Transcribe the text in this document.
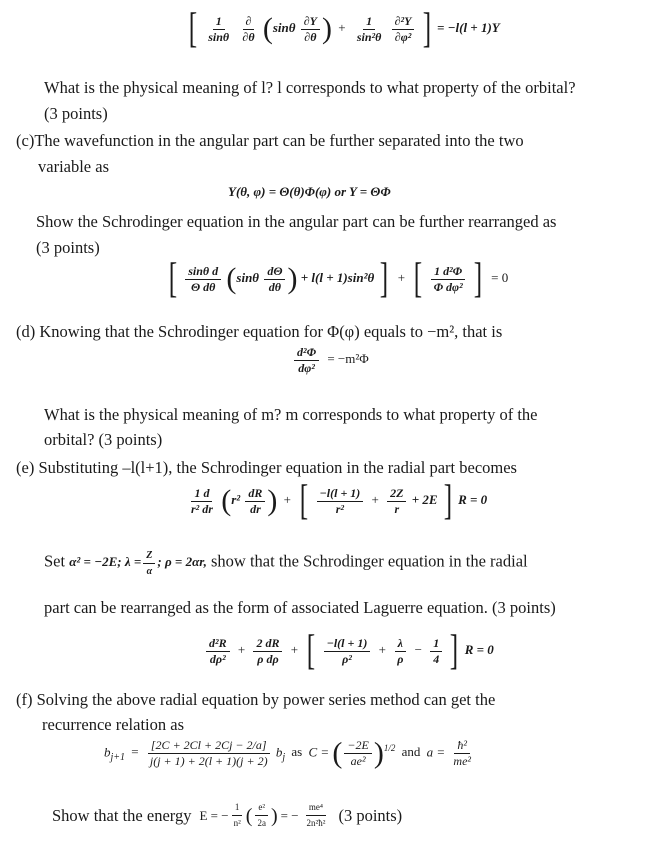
[ $\frac{1}{\sin\theta}$
$\frac{\partial}{\partial\theta} (\sin\theta \frac{\partial Y}{\partial\theta}$ ) + $\frac{1}{\text{sin²θ}}$
$\frac{\text{∂²Y}}{\text{∂φ²}}$ ] = −l(l + 1)Y
What is the physical meaning of l? l corresponds to what property of the orbital?
(3 points)
(c)The wavefunction in the angular part can be further separated into the two
variable as
Y(θ, φ) = Θ(θ)Φ(φ) or Y = ΘΦ
Show the Schrodinger equation in the angular part can be further rearranged as
(3 points)
[ $\frac{\text{sinθ d}}{\text{Θ dθ}} (\sin\theta \frac{d\Theta}{d\theta}$ ) + l(l + 1)sin²θ ] + [ $\frac{\text{1 d²Φ}}{\text{Φ dφ²}}$ ] = 0
(d) Knowing that the Schrodinger equation for Φ(φ) equals to −m², that is
$\frac{\text{d²Φ}}{\text{dφ²}} = -m^2\Phi$
What is the physical meaning of m? m corresponds to what property of the
orbital? (3 points)
(e) Substituting –l(l+1), the Schrodinger equation in the radial part becomes
$\frac{1 d}{\text{r² dr}} (r^2 \frac{dR}{dr}$ ) + [ $\frac{-l(l + 1)}{\text{r²}} + \frac{2Z}{r} + 2E$ ] R = 0
Set α² = −2E; $\lambda = \frac{Z}{\alpha}$ ; ρ = 2αr, show that the Schrodinger equation in the radial
part can be rearranged as the form of associated Laguerre equation. (3 points)
$\frac{\text{d²R}}{\text{dρ²}} + \frac{2 dR}{\text{ρ dρ}}$ + [ $\frac{-l(l + 1)}{\text{ρ²}} + \frac{\lambda}{\rho} - \frac{1}{4}$ ] R = 0
(f) Solving the above radial equation by power series method can get the
recurrence relation as
$b_{j+1} = \frac{[2C + 2Cl + 2Cj - 2/a]}{j(j + 1) + 2(l + 1)(j + 2)} b_j$ as C = ( $\frac{-2E}{\text{ae²}} )^{1/2}$ and $a = \frac{\text{ħ²}}{\text{me²}}$
Show that the energy E = − $\frac{1}{\text{n²}}$ ( $\frac{\text{e²}}{2a}$ ) = − $\frac{\text{me⁴}}{\text{2n²ħ²}} (3$ points)
